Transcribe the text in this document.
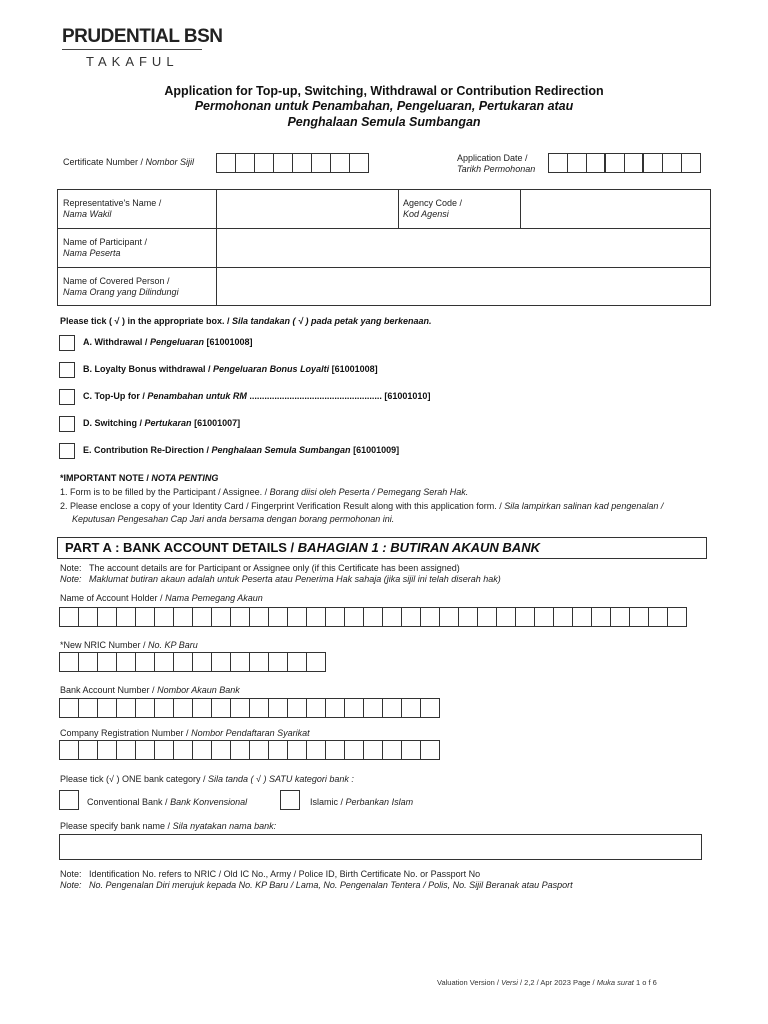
PRUDENTIAL BSN
TAKAFUL
Application for Top-up, Switching, Withdrawal or Contribution Redirection
Permohonan untuk Penambahan, Pengeluaran, Pertukaran atau
Penghalaan Semula Sumbangan
Certificate Number / Nombor Sijil	Application Date /
Tarikh Permohonan
Representative's Name /
Nama Wakil
Agency Code /
Kod Agensi
Name of Participant /
Nama Peserta
Name of Covered Person /
Nama Orang yang Dilindungi
Please tick ( √ ) in the appropriate box. / Sila tandakan ( √ ) pada petak yang berkenaan.
A. Withdrawal / Pengeluaran [61001008]
B. Loyalty Bonus withdrawal / Pengeluaran Bonus Loyalti [61001008]
C. Top-Up for / Penambahan untuk RM ..................................................... [61001010]
D. Switching / Pertukaran [61001007]
E. Contribution Re-Direction / Penghalaan Semula Sumbangan [61001009]
*IMPORTANT NOTE / NOTA PENTING
1. Form is to be filled by the Participant / Assignee. / Borang diisi oleh Peserta / Pemegang Serah Hak.
2. Please enclose a copy of your Identity Card / Fingerprint Verification Result along with this application form. / Sila lampirkan salinan kad pengenalan /
Keputusan Pengesahan Cap Jari anda bersama dengan borang permohonan ini.
PART A : BANK ACCOUNT DETAILS / BAHAGIAN 1 : BUTIRAN AKAUN BANK
Note: The account details are for Participant or Assignee only (if this Certificate has been assigned)
Note: Maklumat butiran akaun adalah untuk Peserta atau Penerima Hak sahaja (jika sijil ini telah diserah hak)
Name of Account Holder / Nama Pemegang Akaun
*New NRIC Number / No. KP Baru
Bank Account Number / Nombor Akaun Bank
Company Registration Number / Nombor Pendaftaran Syarikat
Please tick (√ ) ONE bank category / Sila tanda ( √ ) SATU kategori bank :
Conventional Bank / Bank Konvensional	Islamic / Perbankan Islam
Please specify bank name / Sila nyatakan nama bank:
Note: Identification No. refers to NRIC / Old IC No., Army / Police ID, Birth Certificate No. or Passport No
Note: No. Pengenalan Diri merujuk kepada No. KP Baru / Lama, No. Pengenalan Tentera / Polis, No. Sijil Beranak atau Pasport
Valuation Version / Versi / 2,2 / Apr 2023 Page / Muka surat 1 o f 6
